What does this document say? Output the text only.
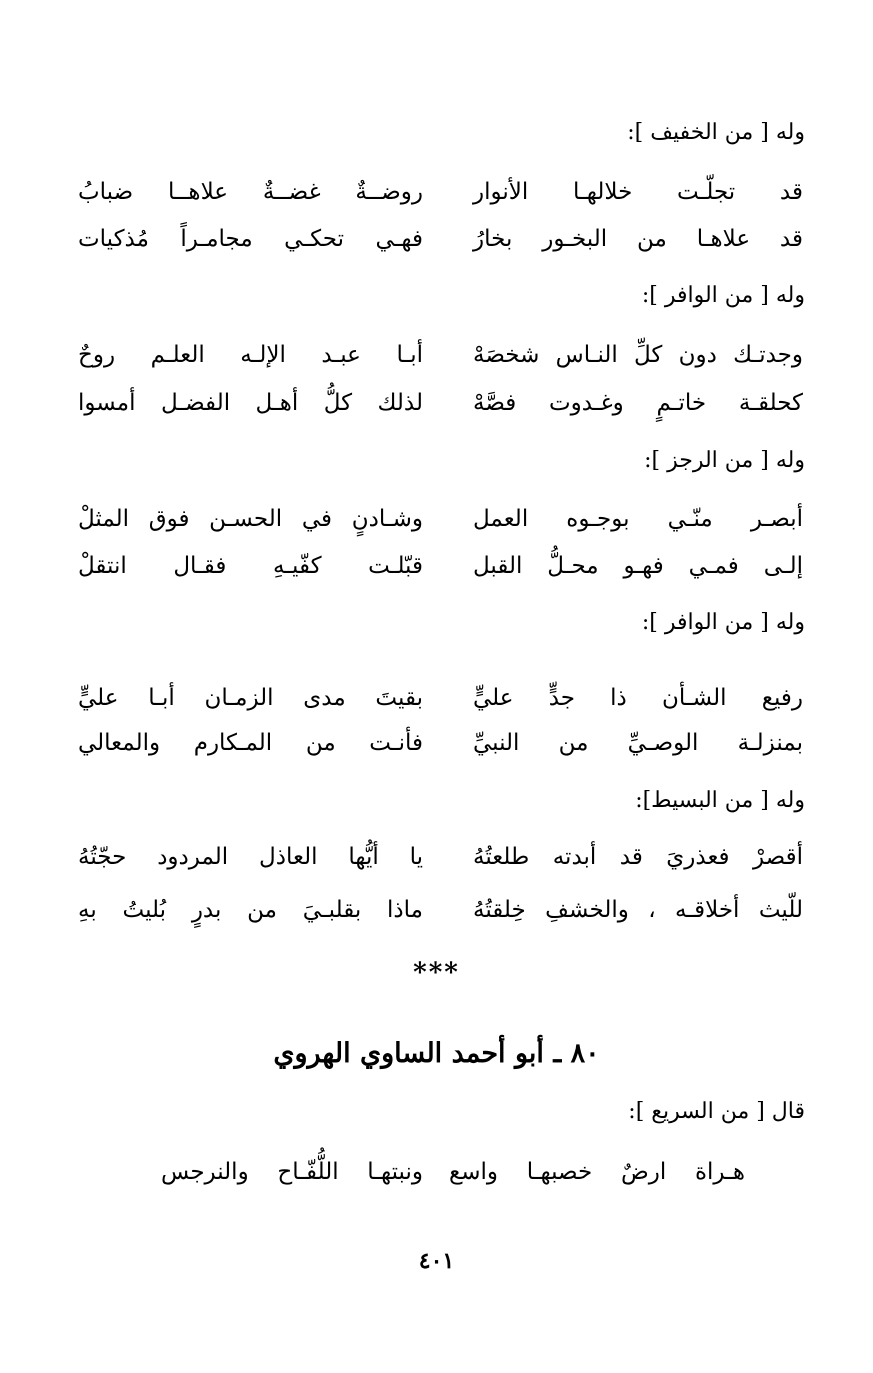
وله [ من الخفيف ]:
روضــةٌ غضــةٌ علاهــا ضبابُ قد تجلّـت خلالهـا الأنوار
فهـي تحكـي مجامـراً مُذكيات قد علاهـا من البخـور بخارُ
وله [ من الوافر ]:
أبـا عبـد الإلـه العلـم روحٌ وجدتـك دون كلِّ النـاس شخصَهْ
لذلك كلُّ أهـل الفضـل أمسوا كحلقـة خاتـمٍ وغـدوت فصَّهْ
وله [ من الرجز ]:
وشـادنٍ في الحسـن فوق المثلْ أبصـر منّـي بوجـوه العمل
قبّلـت كفّيـهِ فقـال انتقلْ إلـى فمـي فهـو محـلُّ القبل
وله [ من الوافر ]:
بقيتَ مدى الزمـان أبـا عليٍّ رفيع الشـأن ذا جدٍّ عليٍّ
فأنـت من المـكارم والمعالي بمنزلـة الوصـيِّ من النبيِّ
وله [ من البسيط]:
يا أيُّها العاذل المردود حجّتُهُ أقصرْ فعذريَ قد أبدته طلعتُهُ
ماذا بقلبـيَ من بدرٍ بُليتُ بهِ للّيث أخلاقـه ، والخشفِ خِلقتُهُ
***
٨٠ ـ أبو أحمد الساوي الهروي
قال [ من السريع ]:
هـراة ارضٌ خصبهـا واسع
ونبتهـا اللُّفّـاح والنرجس
٤٠١
